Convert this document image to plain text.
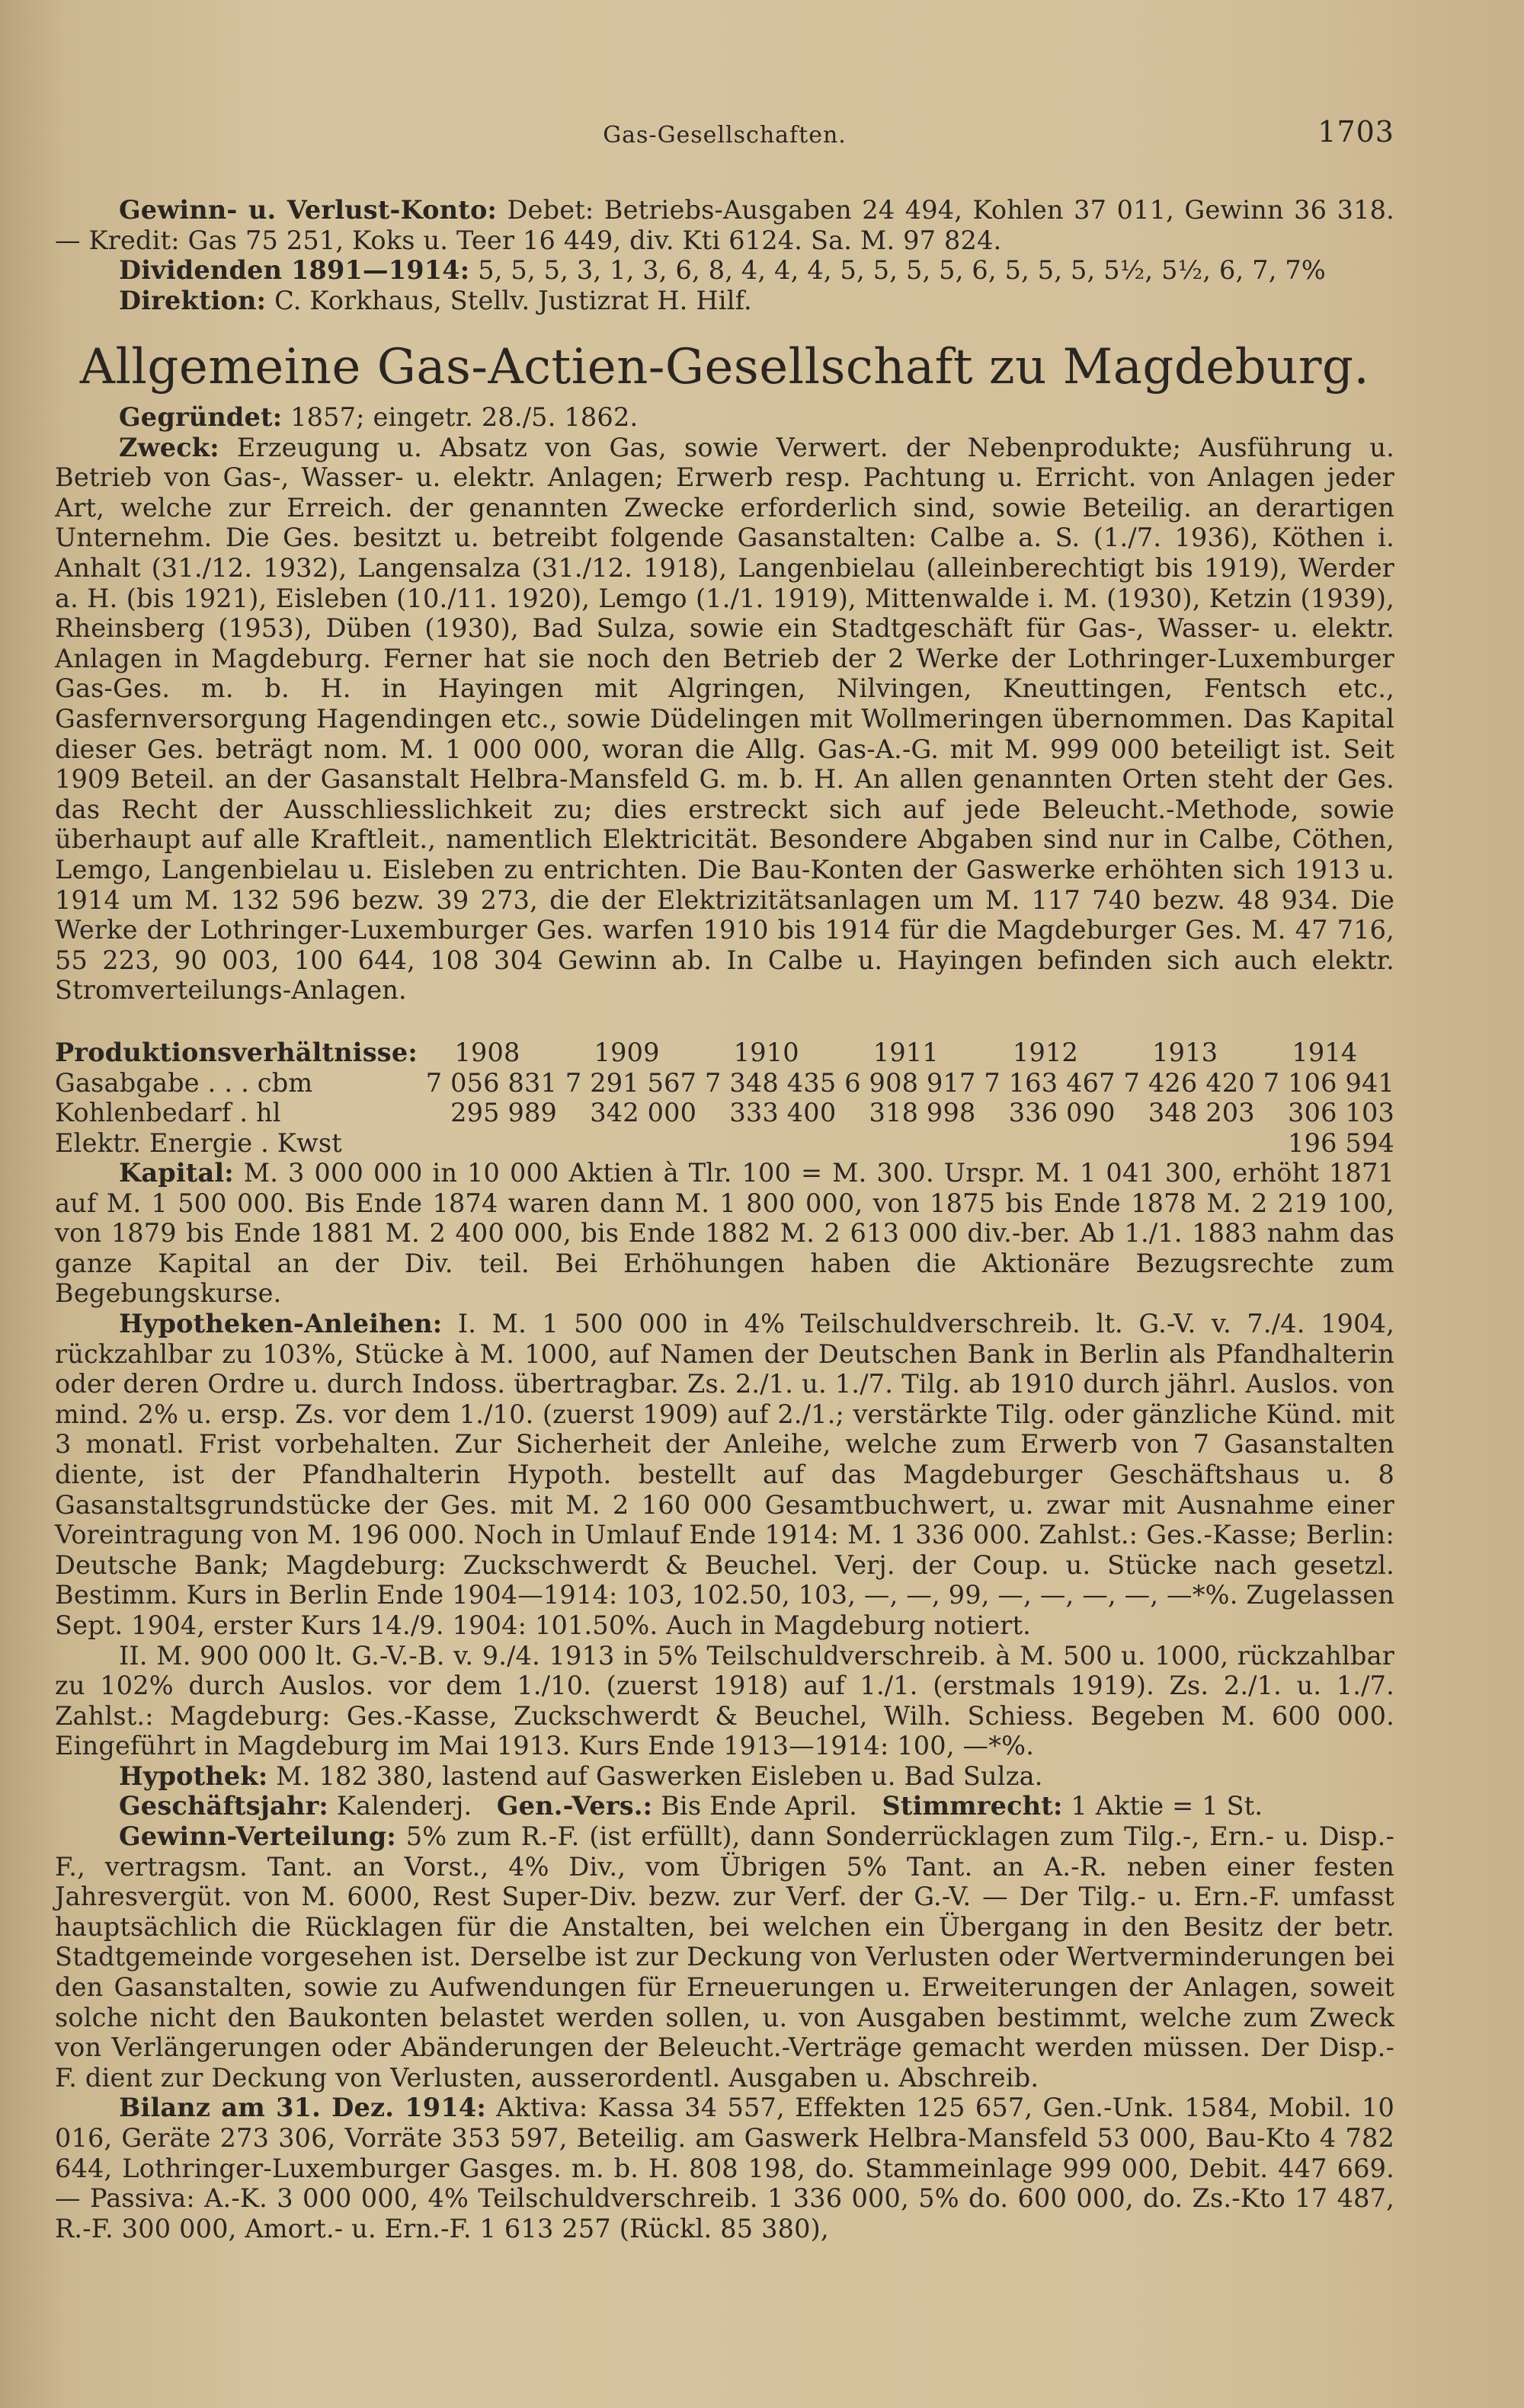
Gas-Gesellschaften.	1703

Gewinn- u. Verlust-Konto: Debet: Betriebs-Ausgaben 24 494, Kohlen 37 011, Gewinn 36 318. — Kredit: Gas 75 251, Koks u. Teer 16 449, div. Kti 6124. Sa. M. 97 824.

Dividenden 1891—1914: 5, 5, 5, 3, 1, 3, 6, 8, 4, 4, 4, 5, 5, 5, 5, 6, 5, 5, 5, 5½, 5½, 6, 7, 7%

Direktion: C. Korkhaus, Stellv. Justizrat H. Hilf.

Allgemeine Gas-Actien-Gesellschaft zu Magdeburg.

Gegründet: 1857; eingetr. 28./5. 1862.

Zweck: Erzeugung u. Absatz von Gas, sowie Verwert. der Nebenprodukte; Ausführung u. Betrieb von Gas-, Wasser- u. elektr. Anlagen; Erwerb resp. Pachtung u. Erricht. von Anlagen jeder Art, welche zur Erreich. der genannten Zwecke erforderlich sind, sowie Beteilig. an derartigen Unternehm. Die Ges. besitzt u. betreibt folgende Gasanstalten: Calbe a. S. (1./7. 1936), Köthen i. Anhalt (31./12. 1932), Langensalza (31./12. 1918), Langenbielau (alleinberechtigt bis 1919), Werder a. H. (bis 1921), Eisleben (10./11. 1920), Lemgo (1./1. 1919), Mittenwalde i. M. (1930), Ketzin (1939), Rheinsberg (1953), Düben (1930), Bad Sulza, sowie ein Stadtgeschäft für Gas-, Wasser- u. elektr. Anlagen in Magdeburg. Ferner hat sie noch den Betrieb der 2 Werke der Lothringer-Luxemburger Gas-Ges. m. b. H. in Hayingen mit Algringen, Nilvingen, Kneuttingen, Fentsch etc., Gasfernversorgung Hagendingen etc., sowie Düdelingen mit Wollmeringen übernommen. Das Kapital dieser Ges. beträgt nom. M. 1 000 000, woran die Allg. Gas-A.-G. mit M. 999 000 beteiligt ist. Seit 1909 Beteil. an der Gasanstalt Helbra-Mansfeld G. m. b. H. An allen genannten Orten steht der Ges. das Recht der Ausschliesslichkeit zu; dies erstreckt sich auf jede Beleucht.-Methode, sowie überhaupt auf alle Kraftleit., namentlich Elektricität. Besondere Abgaben sind nur in Calbe, Cöthen, Lemgo, Langenbielau u. Eisleben zu entrichten. Die Bau-Konten der Gaswerke erhöhten sich 1913 u. 1914 um M. 132 596 bezw. 39 273, die der Elektrizitätsanlagen um M. 117 740 bezw. 48 934. Die Werke der Lothringer-Luxemburger Ges. warfen 1910 bis 1914 für die Magdeburger Ges. M. 47 716, 55 223, 90 003, 100 644, 108 304 Gewinn ab. In Calbe u. Hayingen befinden sich auch elektr. Stromverteilungs-Anlagen.

Produktionsverhältnisse:	1908	1909	1910	1911	1912	1913	1914
Gasabgabe . . . cbm	7 056 831	7 291 567	7 348 435	6 908 917	7 163 467	7 426 420	7 106 941
Kohlenbedarf . hl	295 989	342 000	333 400	318 998	336 090	348 203	306 103
Elektr. Energie . Kwst							196 594

Kapital: M. 3 000 000 in 10 000 Aktien à Tlr. 100 = M. 300. Urspr. M. 1 041 300, erhöht 1871 auf M. 1 500 000. Bis Ende 1874 waren dann M. 1 800 000, von 1875 bis Ende 1878 M. 2 219 100, von 1879 bis Ende 1881 M. 2 400 000, bis Ende 1882 M. 2 613 000 div.-ber. Ab 1./1. 1883 nahm das ganze Kapital an der Div. teil. Bei Erhöhungen haben die Aktionäre Bezugsrechte zum Begebungskurse.

Hypotheken-Anleihen: I. M. 1 500 000 in 4% Teilschuldverschreib. lt. G.-V. v. 7./4. 1904, rückzahlbar zu 103%, Stücke à M. 1000, auf Namen der Deutschen Bank in Berlin als Pfandhalterin oder deren Ordre u. durch Indoss. übertragbar. Zs. 2./1. u. 1./7. Tilg. ab 1910 durch jährl. Auslos. von mind. 2% u. ersp. Zs. vor dem 1./10. (zuerst 1909) auf 2./1.; verstärkte Tilg. oder gänzliche Künd. mit 3 monatl. Frist vorbehalten. Zur Sicherheit der Anleihe, welche zum Erwerb von 7 Gasanstalten diente, ist der Pfandhalterin Hypoth. bestellt auf das Magdeburger Geschäftshaus u. 8 Gasanstaltsgrundstücke der Ges. mit M. 2 160 000 Gesamtbuchwert, u. zwar mit Ausnahme einer Voreintragung von M. 196 000. Noch in Umlauf Ende 1914: M. 1 336 000. Zahlst.: Ges.-Kasse; Berlin: Deutsche Bank; Magdeburg: Zuckschwerdt & Beuchel. Verj. der Coup. u. Stücke nach gesetzl. Bestimm. Kurs in Berlin Ende 1904—1914: 103, 102.50, 103, —, —, 99, —, —, —, —, —*%. Zugelassen Sept. 1904, erster Kurs 14./9. 1904: 101.50%. Auch in Magdeburg notiert.

II. M. 900 000 lt. G.-V.-B. v. 9./4. 1913 in 5% Teilschuldverschreib. à M. 500 u. 1000, rückzahlbar zu 102% durch Auslos. vor dem 1./10. (zuerst 1918) auf 1./1. (erstmals 1919). Zs. 2./1. u. 1./7. Zahlst.: Magdeburg: Ges.-Kasse, Zuckschwerdt & Beuchel, Wilh. Schiess. Begeben M. 600 000. Eingeführt in Magdeburg im Mai 1913. Kurs Ende 1913—1914: 100, —*%.

Hypothek: M. 182 380, lastend auf Gaswerken Eisleben u. Bad Sulza.

Geschäftsjahr: Kalenderj. Gen.-Vers.: Bis Ende April. Stimmrecht: 1 Aktie = 1 St.

Gewinn-Verteilung: 5% zum R.-F. (ist erfüllt), dann Sonderrücklagen zum Tilg.-, Ern.- u. Disp.-F., vertragsm. Tant. an Vorst., 4% Div., vom Übrigen 5% Tant. an A.-R. neben einer festen Jahresvergüt. von M. 6000, Rest Super-Div. bezw. zur Verf. der G.-V. — Der Tilg.- u. Ern.-F. umfasst hauptsächlich die Rücklagen für die Anstalten, bei welchen ein Übergang in den Besitz der betr. Stadtgemeinde vorgesehen ist. Derselbe ist zur Deckung von Verlusten oder Wertverminderungen bei den Gasanstalten, sowie zu Aufwendungen für Erneuerungen u. Erweiterungen der Anlagen, soweit solche nicht den Baukonten belastet werden sollen, u. von Ausgaben bestimmt, welche zum Zweck von Verlängerungen oder Abänderungen der Beleucht.-Verträge gemacht werden müssen. Der Disp.-F. dient zur Deckung von Verlusten, ausserordentl. Ausgaben u. Abschreib.

Bilanz am 31. Dez. 1914: Aktiva: Kassa 34 557, Effekten 125 657, Gen.-Unk. 1584, Mobil. 10 016, Geräte 273 306, Vorräte 353 597, Beteilig. am Gaswerk Helbra-Mansfeld 53 000, Bau-Kto 4 782 644, Lothringer-Luxemburger Gasges. m. b. H. 808 198, do. Stammeinlage 999 000, Debit. 447 669. — Passiva: A.-K. 3 000 000, 4% Teilschuldverschreib. 1 336 000, 5% do. 600 000, do. Zs.-Kto 17 487, R.-F. 300 000, Amort.- u. Ern.-F. 1 613 257 (Rückl. 85 380),
